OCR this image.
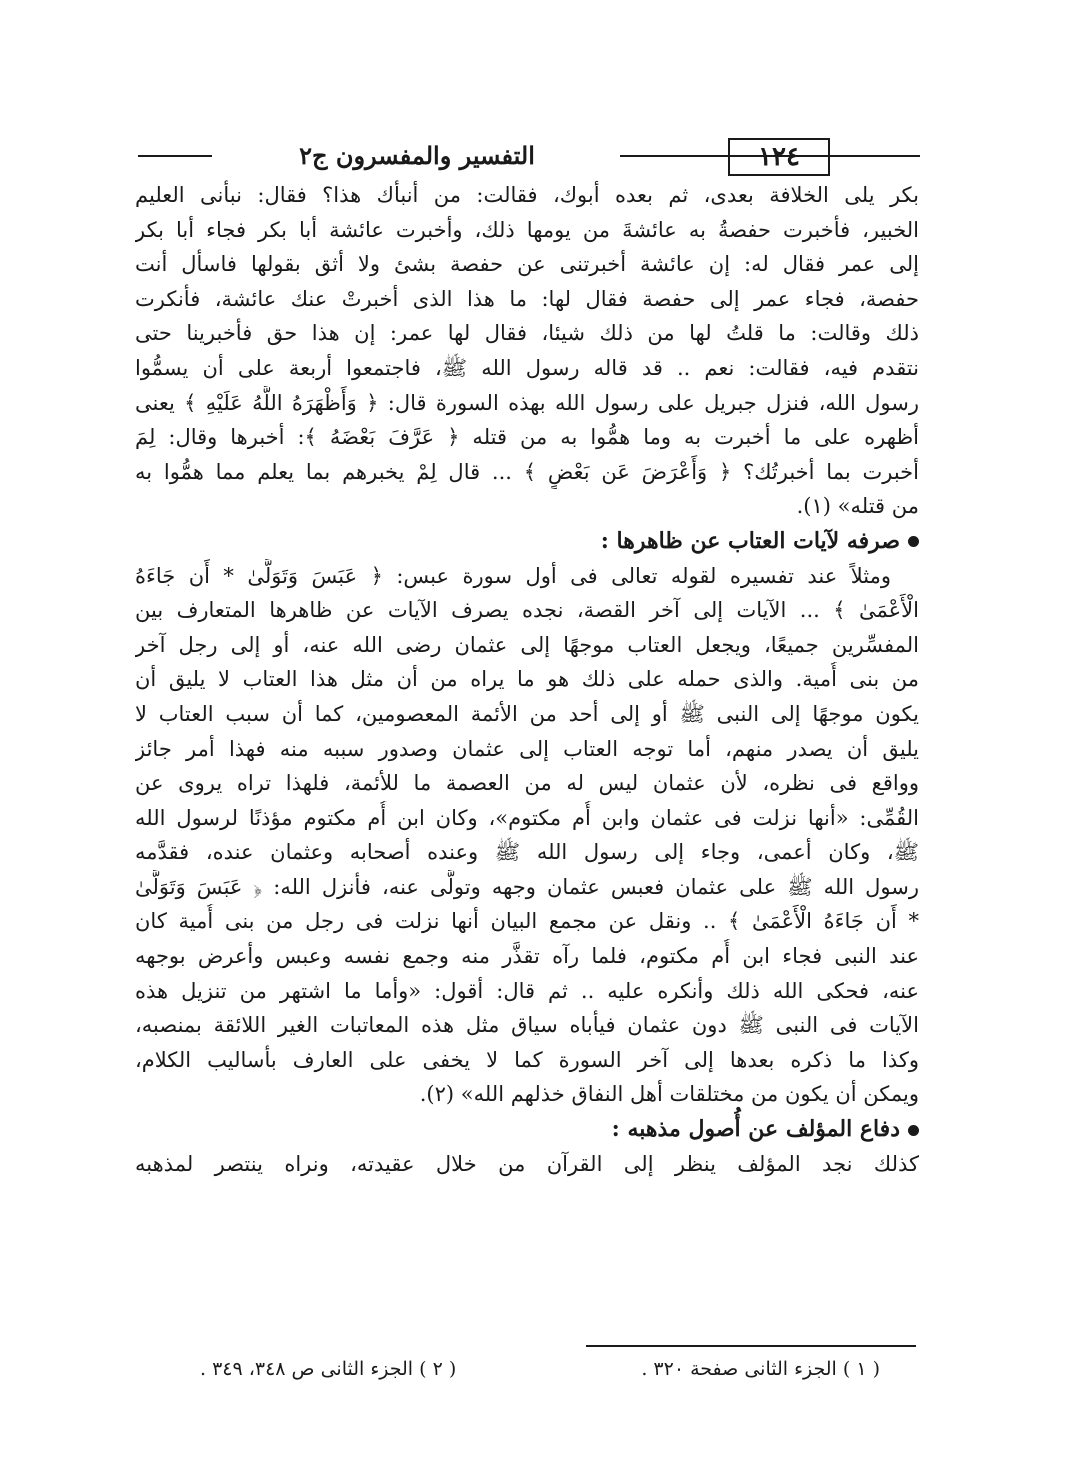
١٢٤
التفسير والمفسرون ج٢
بكر يلى الخلافة بعدى، ثم بعده أبوك، فقالت: من أنبأك هذا؟ فقال: نبأنى العليم
الخبير، فأخبرت حفصةُ به عائشةَ من يومها ذلك، وأخبرت عائشة أبا بكر فجاء أبا بكر
إلى عمر فقال له: إن عائشة أخبرتنى عن حفصة بشئ ولا أثق بقولها فاسأل أنت
حفصة، فجاء عمر إلى حفصة فقال لها: ما هذا الذى أخبرتْ عنك عائشة، فأنكرت
ذلك وقالت: ما قلتُ لها من ذلك شيئا، فقال لها عمر: إن هذا حق فأخبرينا حتى
نتقدم فيه، فقالت: نعم .. قد قاله رسول الله ﷺ، فاجتمعوا أربعة على أن يسمُّوا
رسول الله، فنزل جبريل على رسول الله بهذه السورة قال: ﴿ وَأَظْهَرَهُ اللَّهُ عَلَيْهِ ﴾ يعنى
أظهره على ما أخبرت به وما همُّوا به من قتله ﴿ عَرَّفَ بَعْضَهُ ﴾: أخبرها وقال: لِمَ
أخبرت بما أخبرتُك؟ ﴿ وَأَعْرَضَ عَن بَعْضٍ ﴾ ... قال لِمْ يخبرهم بما يعلم مما همُّوا به
من قتله» (١).
صرفه لآيات العتاب عن ظاهرها :
ومثلاً عند تفسيره لقوله تعالى فى أول سورة عبس: ﴿ عَبَسَ وَتَوَلَّىٰ * أَن جَاءَهُ
الْأَعْمَىٰ ﴾ ... الآيات إلى آخر القصة، نجده يصرف الآيات عن ظاهرها المتعارف بين
المفسِّرين جميعًا، ويجعل العتاب موجهًا إلى عثمان رضى الله عنه، أو إلى رجل آخر
من بنى أُمية. والذى حمله على ذلك هو ما يراه من أن مثل هذا العتاب لا يليق أن
يكون موجهًا إلى النبى ﷺ أو إلى أحد من الأئمة المعصومين، كما أن سبب العتاب لا
يليق أن يصدر منهم، أما توجه العتاب إلى عثمان وصدور سببه منه فهذا أمر جائز
وواقع فى نظره، لأن عثمان ليس له من العصمة ما للأئمة، فلهذا تراه يروى عن
القُمِّى: «أنها نزلت فى عثمان وابن أُم مكتوم»، وكان ابن أُم مكتوم مؤذنًا لرسول الله
ﷺ، وكان أعمى، وجاء إلى رسول الله ﷺ وعنده أصحابه وعثمان عنده، فقدَّمه
رسول الله ﷺ على عثمان فعبس عثمان وجهه وتولَّى عنه، فأنزل الله: ﴿ عَبَسَ وَتَوَلَّىٰ
* أَن جَاءَهُ الْأَعْمَىٰ ﴾ .. ونقل عن مجمع البيان أنها نزلت فى رجل من بنى أُمية كان
عند النبى فجاء ابن أُم مكتوم، فلما رآه تقذَّر منه وجمع نفسه وعبس وأعرض بوجهه
عنه، فحكى الله ذلك وأنكره عليه .. ثم قال: أقول: «وأما ما اشتهر من تنزيل هذه
الآيات فى النبى ﷺ دون عثمان فيأباه سياق مثل هذه المعاتبات الغير اللائقة بمنصبه،
وكذا ما ذكره بعدها إلى آخر السورة كما لا يخفى على العارف بأساليب الكلام،
ويمكن أن يكون من مختلقات أهل النفاق خذلهم الله» (٢).
دفاع المؤلف عن أُصول مذهبه :
كذلك نجد المؤلف ينظر إلى القرآن من خلال عقيدته، ونراه ينتصر لمذهبه
( ١ ) الجزء الثانى صفحة ٣٢٠ .
( ٢ ) الجزء الثانى ص ٣٤٨، ٣٤٩ .
